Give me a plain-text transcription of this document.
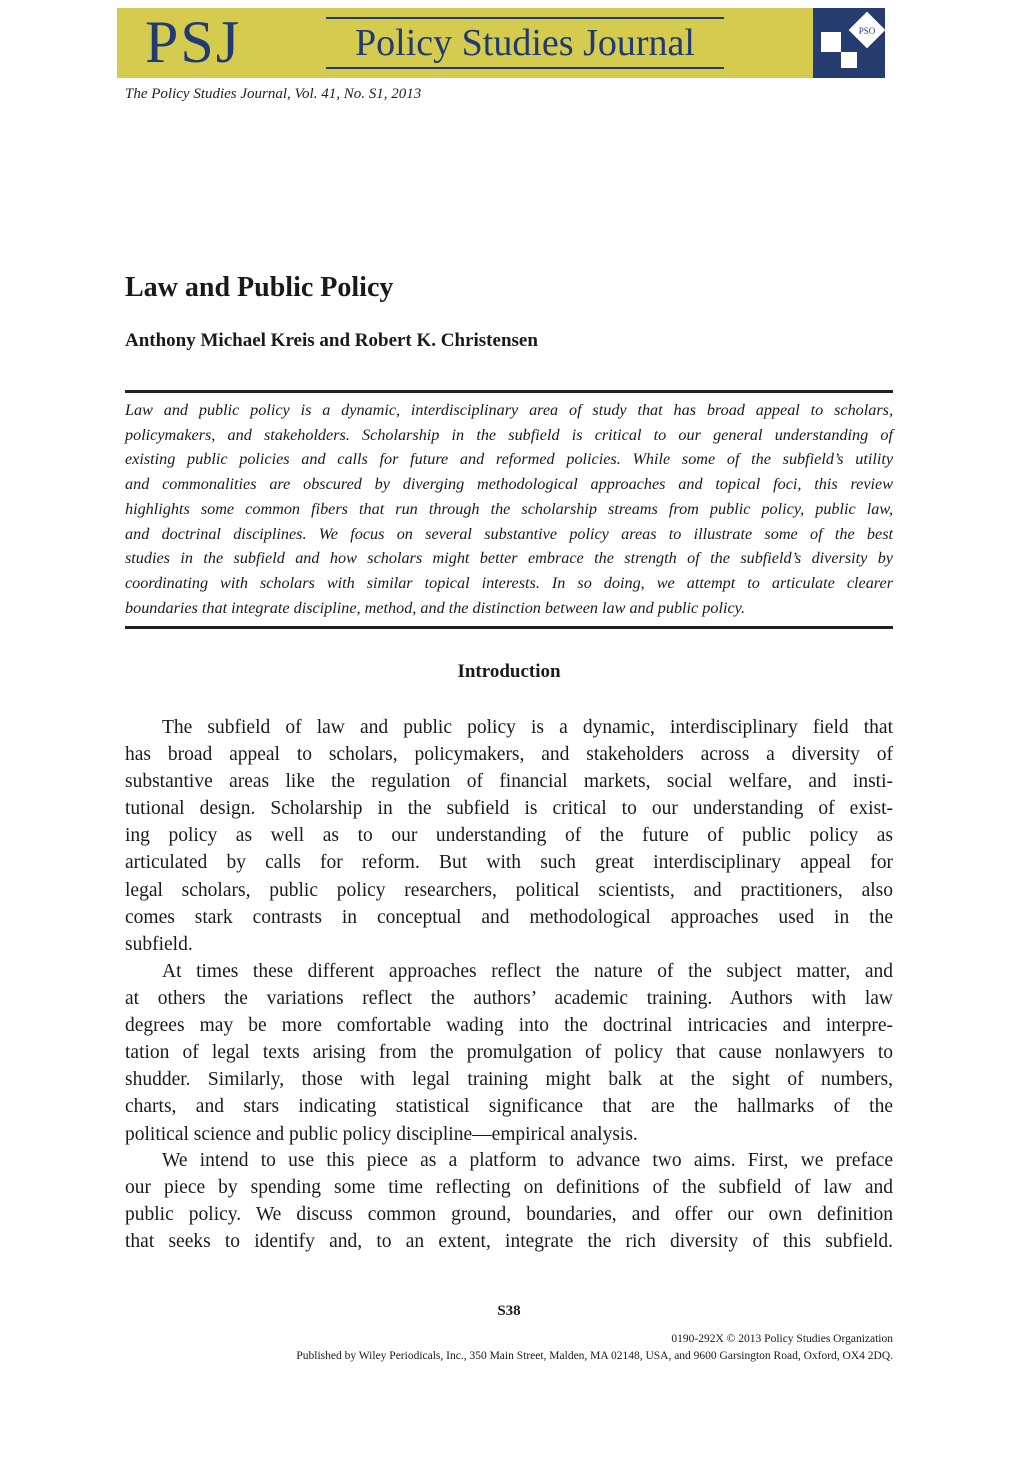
PSJ	Policy Studies Journal	PSO
The Policy Studies Journal, Vol. 41, No. S1, 2013
Law and Public Policy
Anthony Michael Kreis and Robert K. Christensen
Law and public policy is a dynamic, interdisciplinary area of study that has broad appeal to scholars,
policymakers, and stakeholders. Scholarship in the subfield is critical to our general understanding of
existing public policies and calls for future and reformed policies. While some of the subfield’s utility
and commonalities are obscured by diverging methodological approaches and topical foci, this review
highlights some common fibers that run through the scholarship streams from public policy, public law,
and doctrinal disciplines. We focus on several substantive policy areas to illustrate some of the best
studies in the subfield and how scholars might better embrace the strength of the subfield’s diversity by
coordinating with scholars with similar topical interests. In so doing, we attempt to articulate clearer
boundaries that integrate discipline, method, and the distinction between law and public policy.
Introduction
The subfield of law and public policy is a dynamic, interdisciplinary field that
has broad appeal to scholars, policymakers, and stakeholders across a diversity of
substantive areas like the regulation of financial markets, social welfare, and insti-
tutional design. Scholarship in the subfield is critical to our understanding of exist-
ing policy as well as to our understanding of the future of public policy as
articulated by calls for reform. But with such great interdisciplinary appeal for
legal scholars, public policy researchers, political scientists, and practitioners, also
comes stark contrasts in conceptual and methodological approaches used in the
subfield.
At times these different approaches reflect the nature of the subject matter, and
at others the variations reflect the authors’ academic training. Authors with law
degrees may be more comfortable wading into the doctrinal intricacies and interpre-
tation of legal texts arising from the promulgation of policy that cause nonlawyers to
shudder. Similarly, those with legal training might balk at the sight of numbers,
charts, and stars indicating statistical significance that are the hallmarks of the
political science and public policy discipline—empirical analysis.
We intend to use this piece as a platform to advance two aims. First, we preface
our piece by spending some time reflecting on definitions of the subfield of law and
public policy. We discuss common ground, boundaries, and offer our own definition
that seeks to identify and, to an extent, integrate the rich diversity of this subfield.
S38
0190-292X © 2013 Policy Studies Organization
Published by Wiley Periodicals, Inc., 350 Main Street, Malden, MA 02148, USA, and 9600 Garsington Road, Oxford, OX4 2DQ.
